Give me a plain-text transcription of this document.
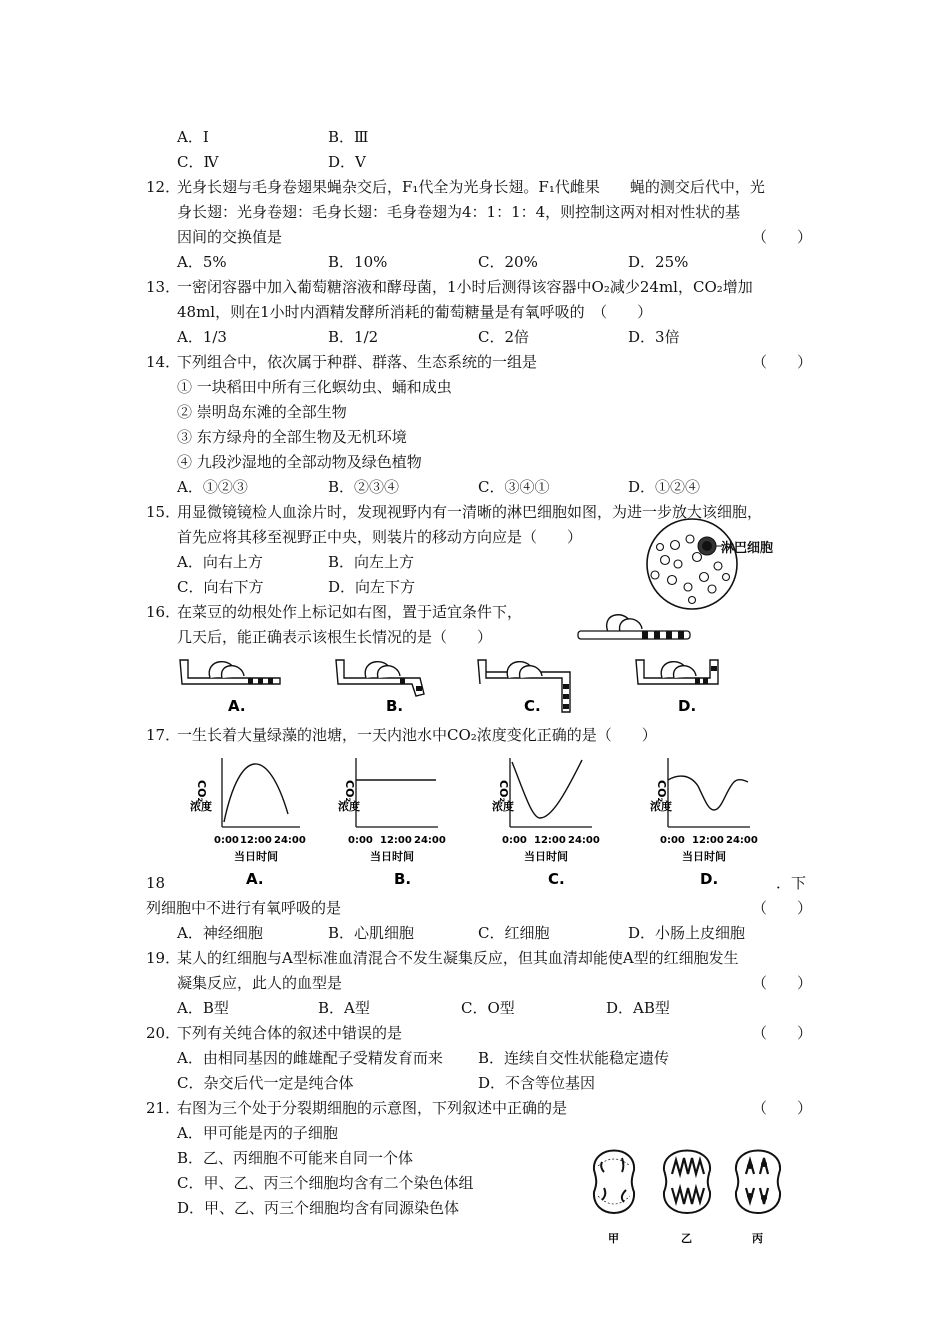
A．Ⅰ	B．Ⅲ
C．Ⅳ	D．Ⅴ
12．
光身长翅与毛身卷翅果蝇杂交后，F₁代全为光身长翅。F₁代雌果　　蝇的测交后代中，光
身长翅：光身卷翅：毛身长翅：毛身卷翅为4：1：1：4，则控制这两对相对性状的基
因间的交换值是	（　　）
A．5%	B．10%	C．20%	D．25%
13．
一密闭容器中加入葡萄糖溶液和酵母菌，1小时后测得该容器中O₂减少24ml，CO₂增加
48ml，则在1小时内酒精发酵所消耗的葡萄糖量是有氧呼吸的　（　　）
A．1/3	B．1/2	C．2倍	D．3倍
14．
下列组合中，依次属于种群、群落、生态系统的一组是	（　　）
① 一块稻田中所有三化螟幼虫、蛹和成虫
② 崇明岛东滩的全部生物
③ 东方绿舟的全部生物及无机环境
④ 九段沙湿地的全部动物及绿色植物
A．①②③	B．②③④	C．③④①	D．①②④
15．
用显微镜镜检人血涂片时，发现视野内有一清晰的淋巴细胞如图，为进一步放大该细胞，
首先应将其移至视野正中央，则装片的移动方向应是（　　）
A．向右上方	B．向左上方
C．向右下方	D．向左下方
淋巴细胞
16．
在菜豆的幼根处作上标记如右图，置于适宜条件下，
几天后，能正确表示该根生长情况的是（　　）
A.	B.	C.	D.
17．
一生长着大量绿藻的池塘，一天内池水中CO₂浓度变化正确的是（　　）
CO₂
浓度
0:00 12:00 24:00
当日时间
A.
CO₂
浓度
0:00 12:00 24:00
当日时间
B.
CO₂
浓度
0:00 12:00 24:00
当日时间
C.
CO₂
浓度
0:00 12:00 24:00
当日时间
D.
18	．下
列细胞中不进行有氧呼吸的是	（　　）
A．神经细胞	B．心肌细胞	C．红细胞	D．小肠上皮细胞
19．
某人的红细胞与A型标准血清混合不发生凝集反应，但其血清却能使A型的红细胞发生
凝集反应，此人的血型是	（　　）
A．B型	B．A型	C．O型	D．AB型
20．
下列有关纯合体的叙述中错误的是	（　　）
A．由相同基因的雌雄配子受精发育而来 B．连续自交性状能稳定遗传
C．杂交后代一定是纯合体	D．不含等位基因
21．
右图为三个处于分裂期细胞的示意图，下列叙述中正确的是	（　　）
A．甲可能是丙的子细胞
B．乙、丙细胞不可能来自同一个体
C．甲、乙、丙三个细胞均含有二个染色体组
D．甲、乙、丙三个细胞均含有同源染色体
甲	乙	丙
